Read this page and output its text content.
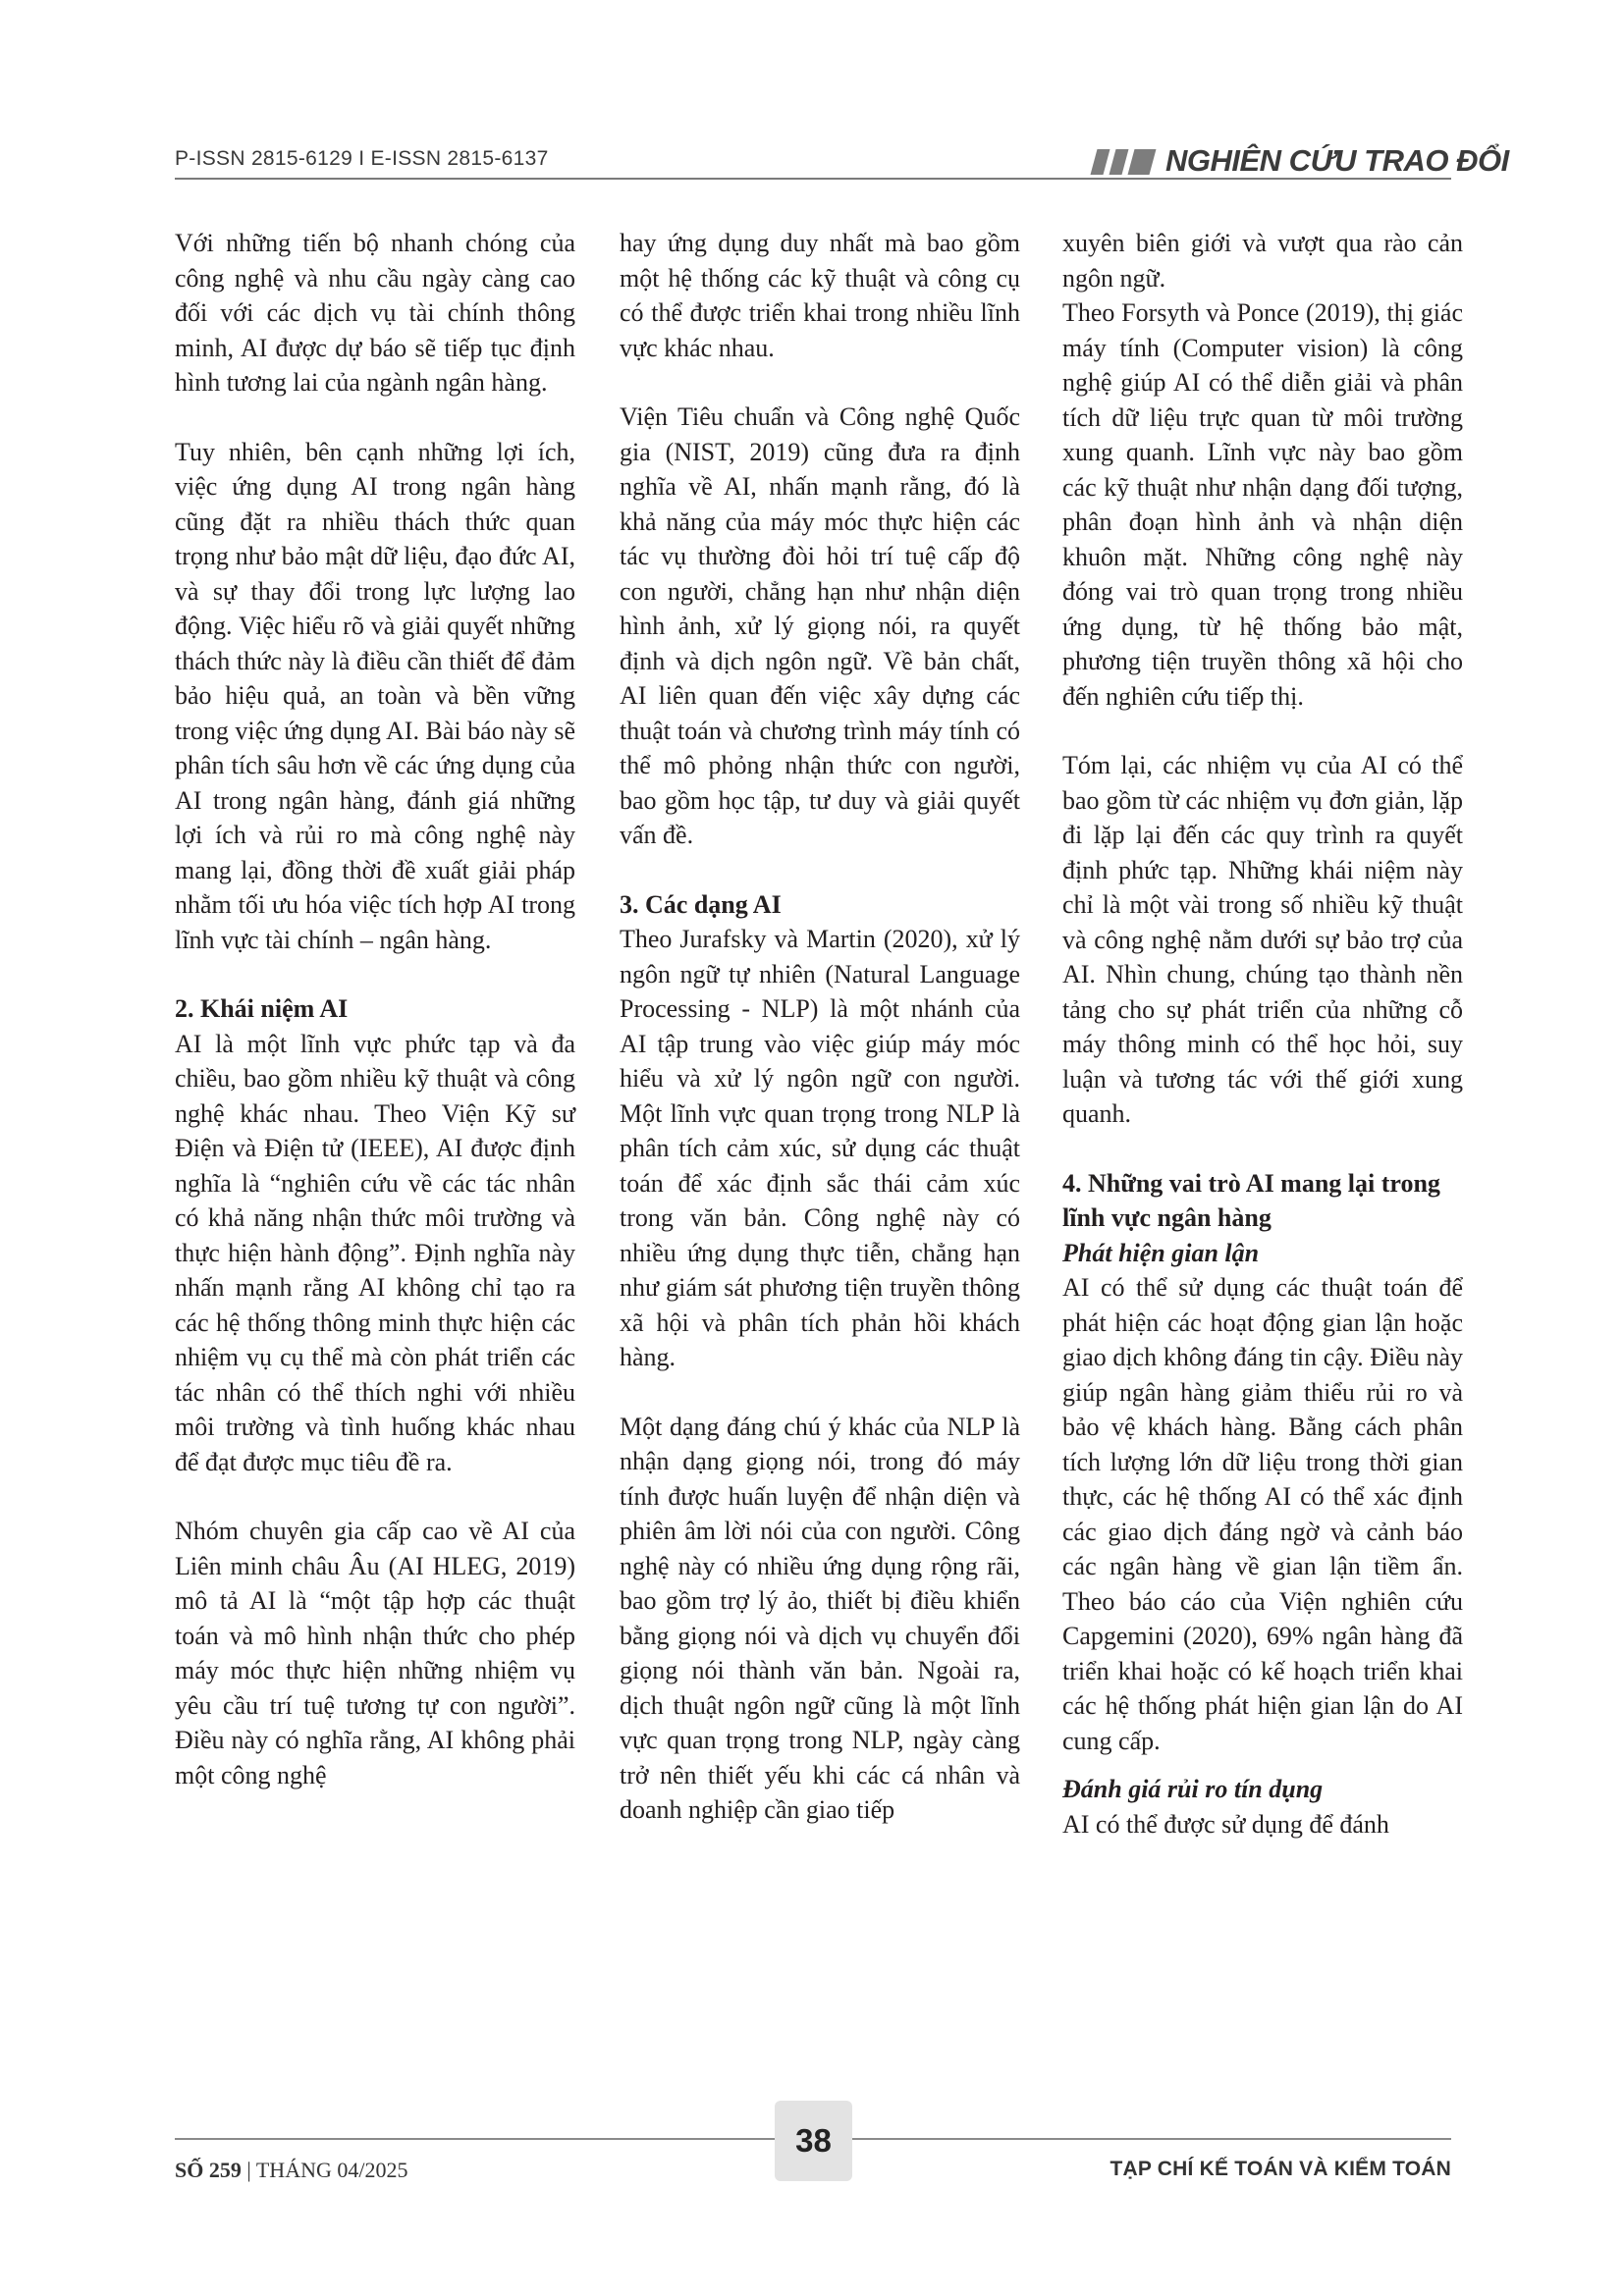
P-ISSN 2815-6129 I E-ISSN 2815-6137	NGHIÊN CỨU TRAO ĐỔI

Với những tiến bộ nhanh chóng của công nghệ và nhu cầu ngày càng cao đối với các dịch vụ tài chính thông minh, AI được dự báo sẽ tiếp tục định hình tương lai của ngành ngân hàng.

Tuy nhiên, bên cạnh những lợi ích, việc ứng dụng AI trong ngân hàng cũng đặt ra nhiều thách thức quan trọng như bảo mật dữ liệu, đạo đức AI, và sự thay đổi trong lực lượng lao động. Việc hiểu rõ và giải quyết những thách thức này là điều cần thiết để đảm bảo hiệu quả, an toàn và bền vững trong việc ứng dụng AI. Bài báo này sẽ phân tích sâu hơn về các ứng dụng của AI trong ngân hàng, đánh giá những lợi ích và rủi ro mà công nghệ này mang lại, đồng thời đề xuất giải pháp nhằm tối ưu hóa việc tích hợp AI trong lĩnh vực tài chính – ngân hàng.

2. Khái niệm AI

AI là một lĩnh vực phức tạp và đa chiều, bao gồm nhiều kỹ thuật và công nghệ khác nhau. Theo Viện Kỹ sư Điện và Điện tử (IEEE), AI được định nghĩa là “nghiên cứu về các tác nhân có khả năng nhận thức môi trường và thực hiện hành động”. Định nghĩa này nhấn mạnh rằng AI không chỉ tạo ra các hệ thống thông minh thực hiện các nhiệm vụ cụ thể mà còn phát triển các tác nhân có thể thích nghi với nhiều môi trường và tình huống khác nhau để đạt được mục tiêu đề ra.

Nhóm chuyên gia cấp cao về AI của Liên minh châu Âu (AI HLEG, 2019) mô tả AI là “một tập hợp các thuật toán và mô hình nhận thức cho phép máy móc thực hiện những nhiệm vụ yêu cầu trí tuệ tương tự con người”. Điều này có nghĩa rằng, AI không phải một công nghệ

hay ứng dụng duy nhất mà bao gồm một hệ thống các kỹ thuật và công cụ có thể được triển khai trong nhiều lĩnh vực khác nhau.

Viện Tiêu chuẩn và Công nghệ Quốc gia (NIST, 2019) cũng đưa ra định nghĩa về AI, nhấn mạnh rằng, đó là khả năng của máy móc thực hiện các tác vụ thường đòi hỏi trí tuệ cấp độ con người, chẳng hạn như nhận diện hình ảnh, xử lý giọng nói, ra quyết định và dịch ngôn ngữ. Về bản chất, AI liên quan đến việc xây dựng các thuật toán và chương trình máy tính có thể mô phỏng nhận thức con người, bao gồm học tập, tư duy và giải quyết vấn đề.

3. Các dạng AI

Theo Jurafsky và Martin (2020), xử lý ngôn ngữ tự nhiên (Natural Language Processing - NLP) là một nhánh của AI tập trung vào việc giúp máy móc hiểu và xử lý ngôn ngữ con người. Một lĩnh vực quan trọng trong NLP là phân tích cảm xúc, sử dụng các thuật toán để xác định sắc thái cảm xúc trong văn bản. Công nghệ này có nhiều ứng dụng thực tiễn, chẳng hạn như giám sát phương tiện truyền thông xã hội và phân tích phản hồi khách hàng.

Một dạng đáng chú ý khác của NLP là nhận dạng giọng nói, trong đó máy tính được huấn luyện để nhận diện và phiên âm lời nói của con người. Công nghệ này có nhiều ứng dụng rộng rãi, bao gồm trợ lý ảo, thiết bị điều khiển bằng giọng nói và dịch vụ chuyển đổi giọng nói thành văn bản. Ngoài ra, dịch thuật ngôn ngữ cũng là một lĩnh vực quan trọng trong NLP, ngày càng trở nên thiết yếu khi các cá nhân và doanh nghiệp cần giao tiếp

xuyên biên giới và vượt qua rào cản ngôn ngữ.

Theo Forsyth và Ponce (2019), thị giác máy tính (Computer vision) là công nghệ giúp AI có thể diễn giải và phân tích dữ liệu trực quan từ môi trường xung quanh. Lĩnh vực này bao gồm các kỹ thuật như nhận dạng đối tượng, phân đoạn hình ảnh và nhận diện khuôn mặt. Những công nghệ này đóng vai trò quan trọng trong nhiều ứng dụng, từ hệ thống bảo mật, phương tiện truyền thông xã hội cho đến nghiên cứu tiếp thị.

Tóm lại, các nhiệm vụ của AI có thể bao gồm từ các nhiệm vụ đơn giản, lặp đi lặp lại đến các quy trình ra quyết định phức tạp. Những khái niệm này chỉ là một vài trong số nhiều kỹ thuật và công nghệ nằm dưới sự bảo trợ của AI. Nhìn chung, chúng tạo thành nền tảng cho sự phát triển của những cỗ máy thông minh có thể học hỏi, suy luận và tương tác với thế giới xung quanh.

4. Những vai trò AI mang lại trong lĩnh vực ngân hàng
Phát hiện gian lận

AI có thể sử dụng các thuật toán để phát hiện các hoạt động gian lận hoặc giao dịch không đáng tin cậy. Điều này giúp ngân hàng giảm thiểu rủi ro và bảo vệ khách hàng. Bằng cách phân tích lượng lớn dữ liệu trong thời gian thực, các hệ thống AI có thể xác định các giao dịch đáng ngờ và cảnh báo các ngân hàng về gian lận tiềm ẩn. Theo báo cáo của Viện nghiên cứu Capgemini (2020), 69% ngân hàng đã triển khai hoặc có kế hoạch triển khai các hệ thống phát hiện gian lận do AI cung cấp.

Đánh giá rủi ro tín dụng

AI có thể được sử dụng để đánh

SỐ 259 | THÁNG 04/2025
38
TẠP CHÍ KẾ TOÁN VÀ KIỂM TOÁN
